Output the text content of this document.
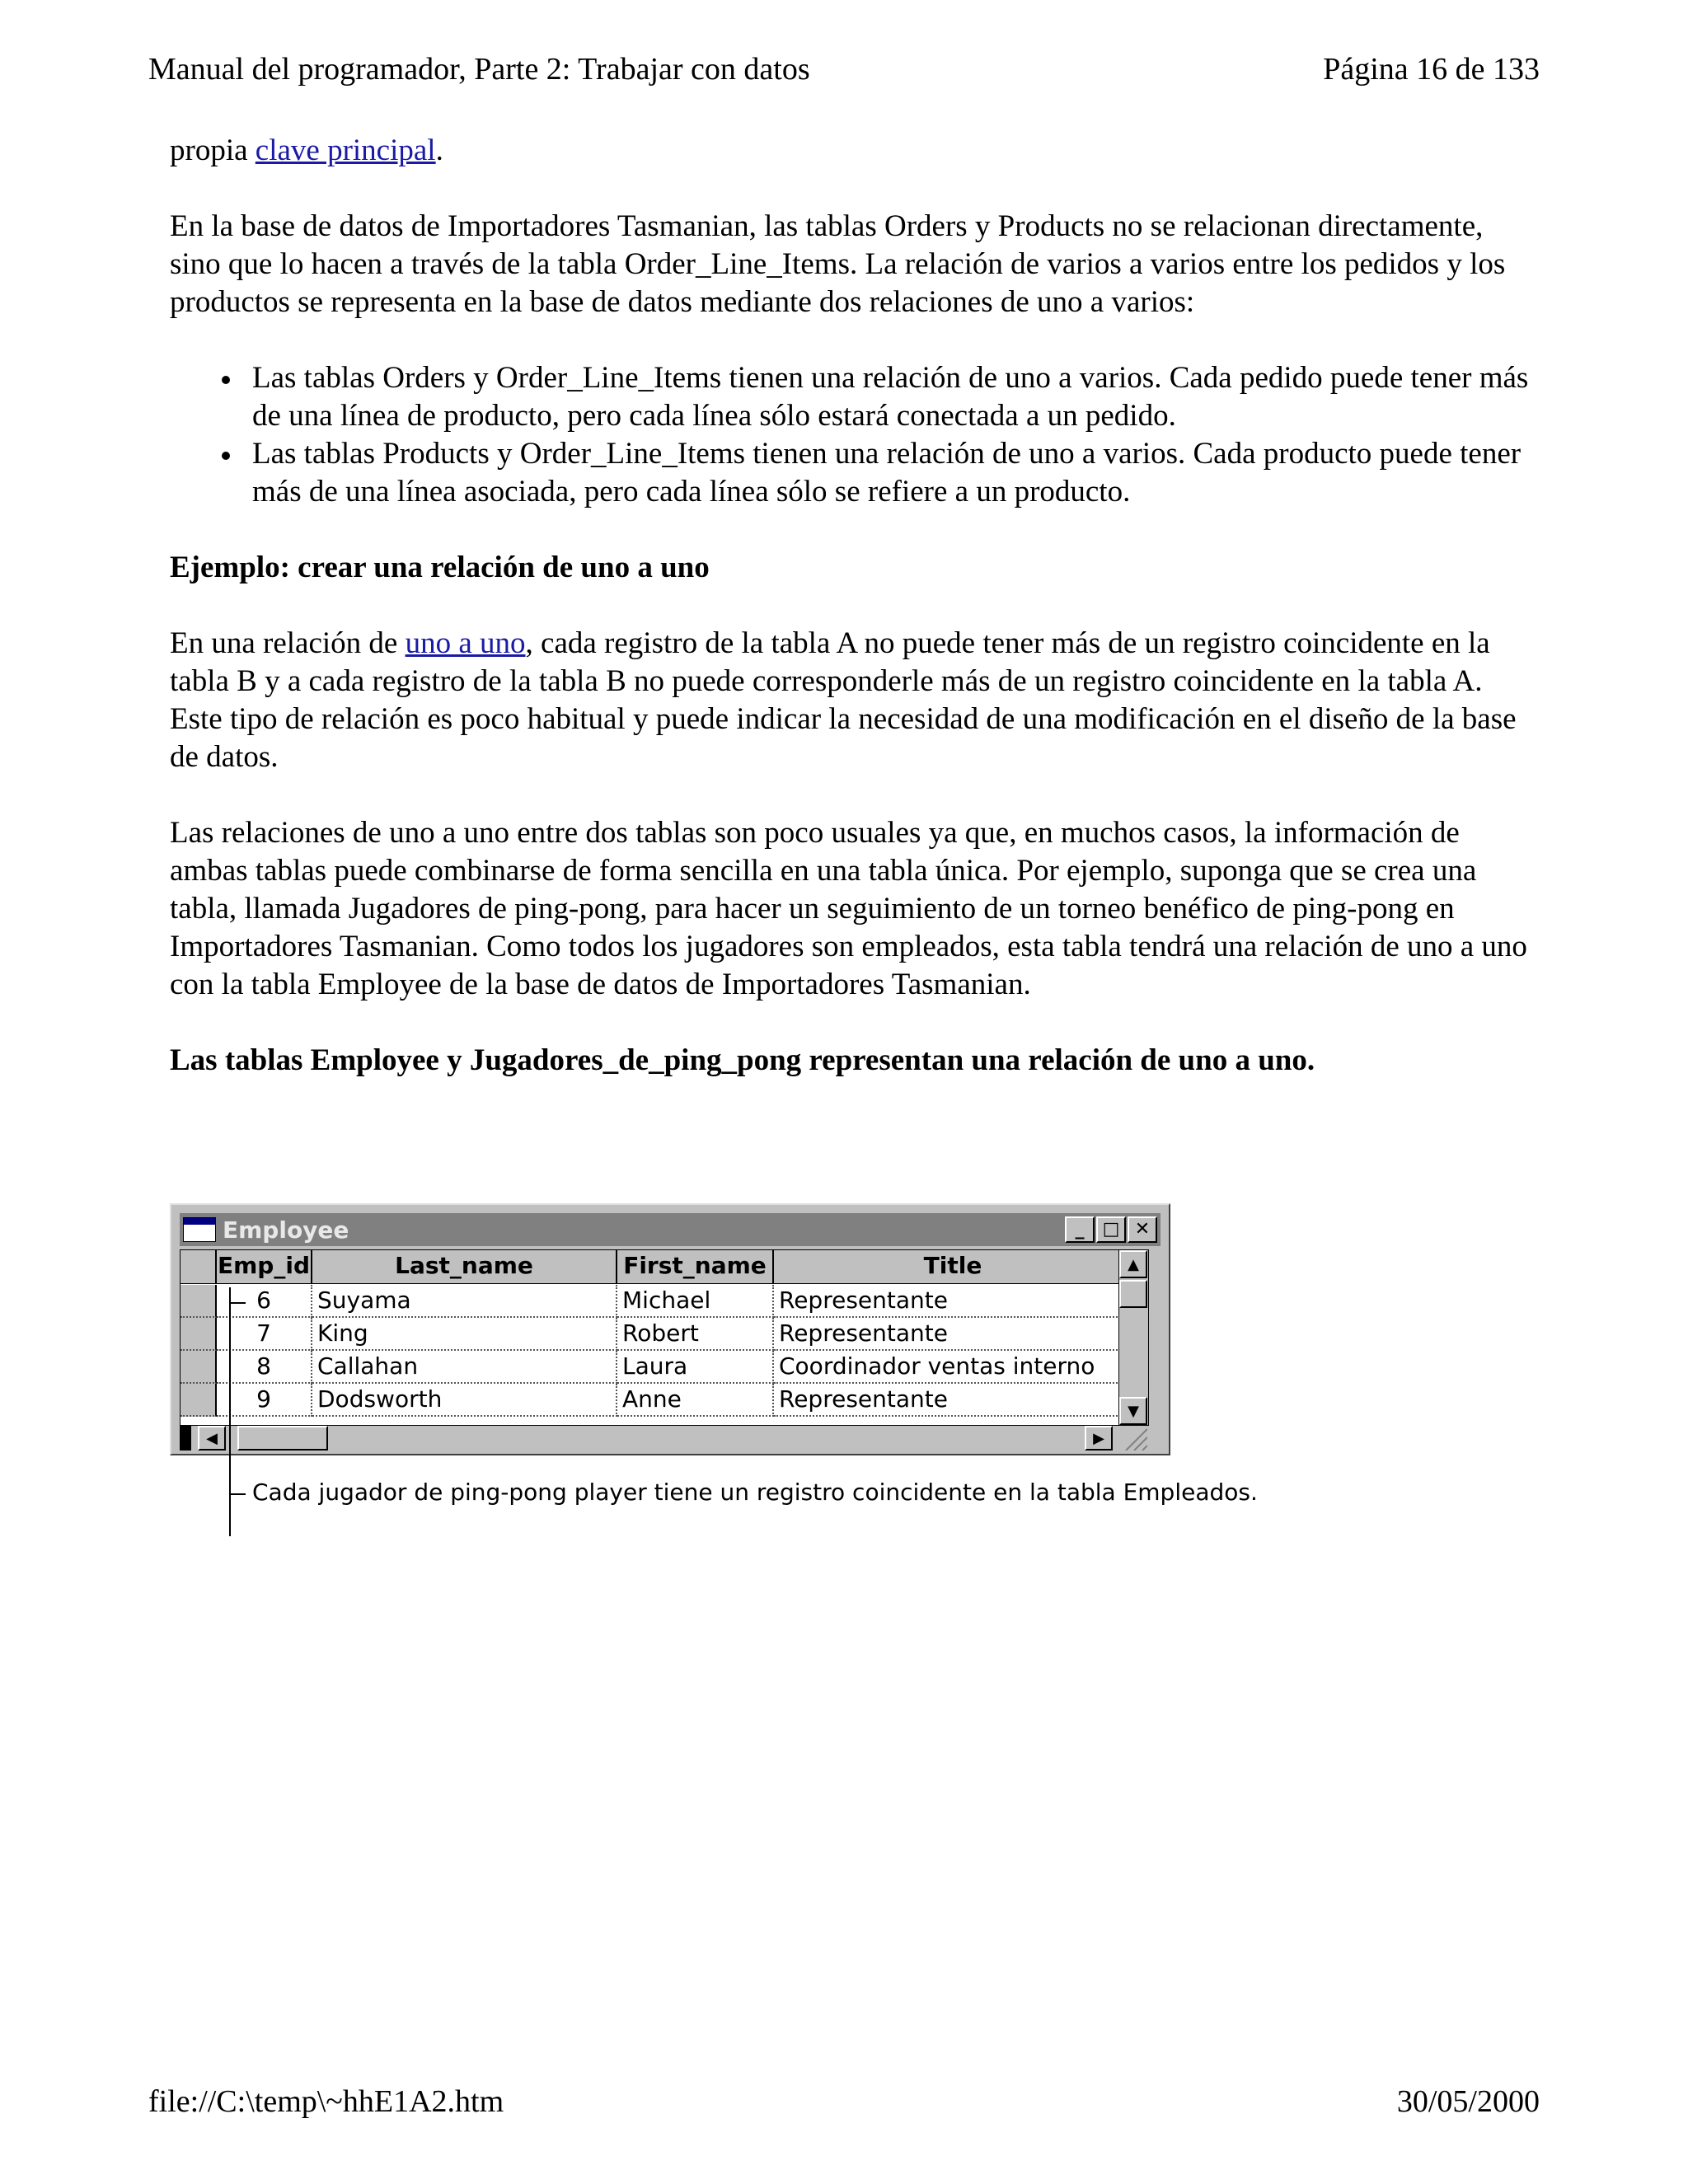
Manual del programador, Parte 2: Trabajar con datos	Página 16 de 133

propia clave principal.

En la base de datos de Importadores Tasmanian, las tablas Orders y Products no se relacionan directamente, sino que lo hacen a través de la tabla Order_Line_Items. La relación de varios a varios entre los pedidos y los productos se representa en la base de datos mediante dos relaciones de uno a varios:

Las tablas Orders y Order_Line_Items tienen una relación de uno a varios. Cada pedido puede tener más de una línea de producto, pero cada línea sólo estará conectada a un pedido.
Las tablas Products y Order_Line_Items tienen una relación de uno a varios. Cada producto puede tener más de una línea asociada, pero cada línea sólo se refiere a un producto.

Ejemplo: crear una relación de uno a uno

En una relación de uno a uno, cada registro de la tabla A no puede tener más de un registro coincidente en la tabla B y a cada registro de la tabla B no puede corresponderle más de un registro coincidente en la tabla A. Este tipo de relación es poco habitual y puede indicar la necesidad de una modificación en el diseño de la base de datos.

Las relaciones de uno a uno entre dos tablas son poco usuales ya que, en muchos casos, la información de ambas tablas puede combinarse de forma sencilla en una tabla única. Por ejemplo, suponga que se crea una tabla, llamada Jugadores de ping-pong, para hacer un seguimiento de un torneo benéfico de ping-pong en Importadores Tasmanian. Como todos los jugadores son empleados, esta tabla tendrá una relación de uno a uno con la tabla Employee de la base de datos de Importadores Tasmanian.

Las tablas Employee y Jugadores_de_ping_pong representan una relación de uno a uno.

Employee	_	□ ✕
Emp_id	Last_name	First_name	Title
6	Suyama	Michael	Representante
7	King	Robert	Representante
8	Callahan	Laura	Coordinador ventas interno
9	Dodsworth	Anne	Representante
▲
▼
◀	▶
Cada jugador de ping-pong player tiene un registro coincidente en la tabla Empleados.
file://C:\temp\~hhE1A2.htm	30/05/2000
